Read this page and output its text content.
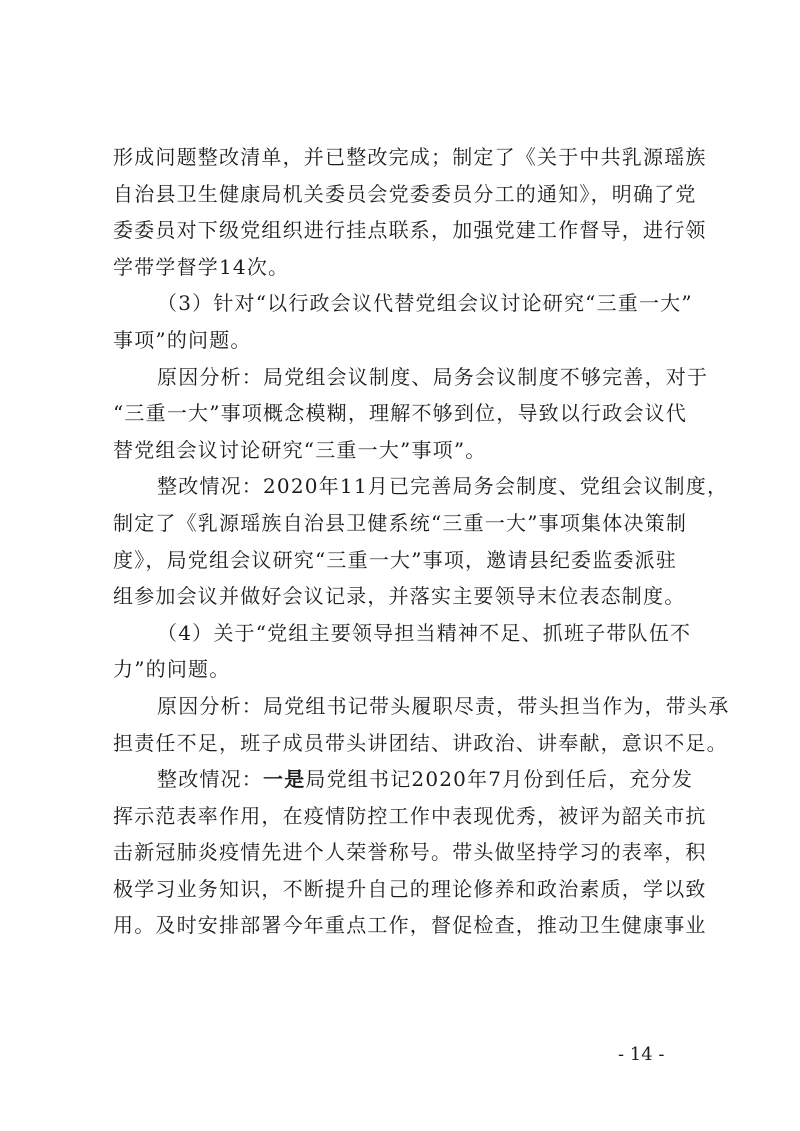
形成问题整改清单，并已整改完成；制定了《关于中共乳源瑶族
自治县卫生健康局机关委员会党委委员分工的通知》，明确了党
委委员对下级党组织进行挂点联系，加强党建工作督导，进行领
学带学督学14次。
（3）针对“以行政会议代替党组会议讨论研究“三重一大”
事项”的问题。
原因分析：局党组会议制度、局务会议制度不够完善，对于
“三重一大”事项概念模糊，理解不够到位，导致以行政会议代
替党组会议讨论研究“三重一大”事项”。
整改情况：2020年11月已完善局务会制度、党组会议制度，
制定了《乳源瑶族自治县卫健系统“三重一大”事项集体决策制
度》，局党组会议研究“三重一大”事项，邀请县纪委监委派驻
组参加会议并做好会议记录，并落实主要领导末位表态制度。
（4）关于“党组主要领导担当精神不足、抓班子带队伍不
力”的问题。
原因分析：局党组书记带头履职尽责，带头担当作为，带头承
担责任不足，班子成员带头讲团结、讲政治、讲奉献，意识不足。
整改情况：一是局党组书记2020年7月份到任后，充分发
挥示范表率作用，在疫情防控工作中表现优秀，被评为韶关市抗
击新冠肺炎疫情先进个人荣誉称号。带头做坚持学习的表率，积
极学习业务知识，不断提升自己的理论修养和政治素质，学以致
用。及时安排部署今年重点工作，督促检查，推动卫生健康事业
- 14 -
